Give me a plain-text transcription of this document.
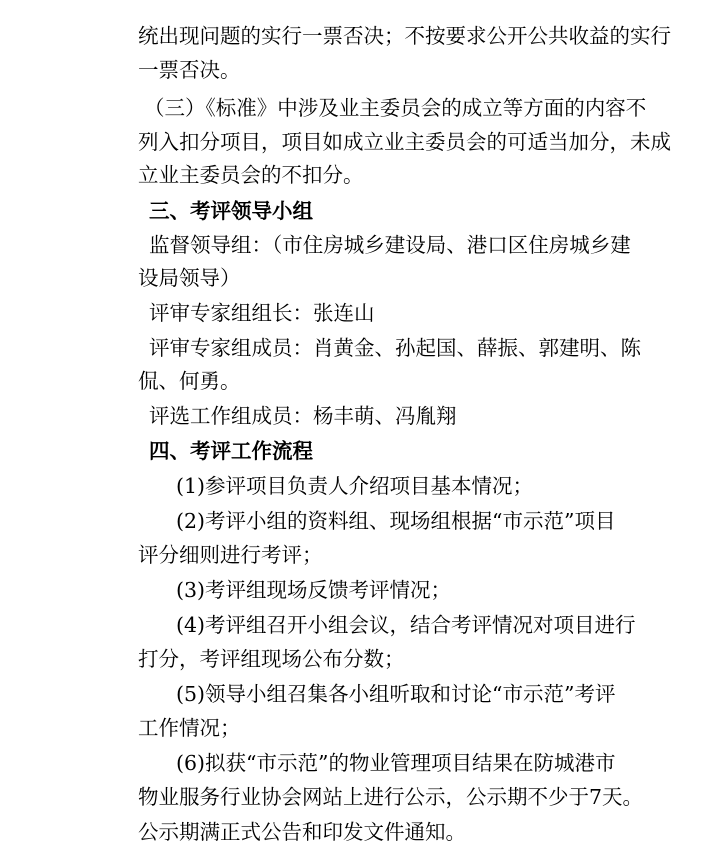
统出现问题的实行一票否决；不按要求公开公共收益的实行
一票否决。
（三）《标准》中涉及业主委员会的成立等方面的内容不
列入扣分项目，项目如成立业主委员会的可适当加分，未成
立业主委员会的不扣分。
三、考评领导小组
监督领导组：（市住房城乡建设局、港口区住房城乡建
设局领导）
评审专家组组长：张连山
评审专家组成员：肖黄金、孙起国、薛振、郭建明、陈
侃、何勇。
评选工作组成员：杨丰萌、冯胤翔
四、考评工作流程
(1)参评项目负责人介绍项目基本情况；
(2)考评小组的资料组、现场组根据“市示范”项目
评分细则进行考评；
(3)考评组现场反馈考评情况；
(4)考评组召开小组会议，结合考评情况对项目进行
打分，考评组现场公布分数；
(5)领导小组召集各小组听取和讨论“市示范”考评
工作情况；
(6)拟获“市示范”的物业管理项目结果在防城港市
物业服务行业协会网站上进行公示，公示期不少于7天。
公示期满正式公告和印发文件通知。
